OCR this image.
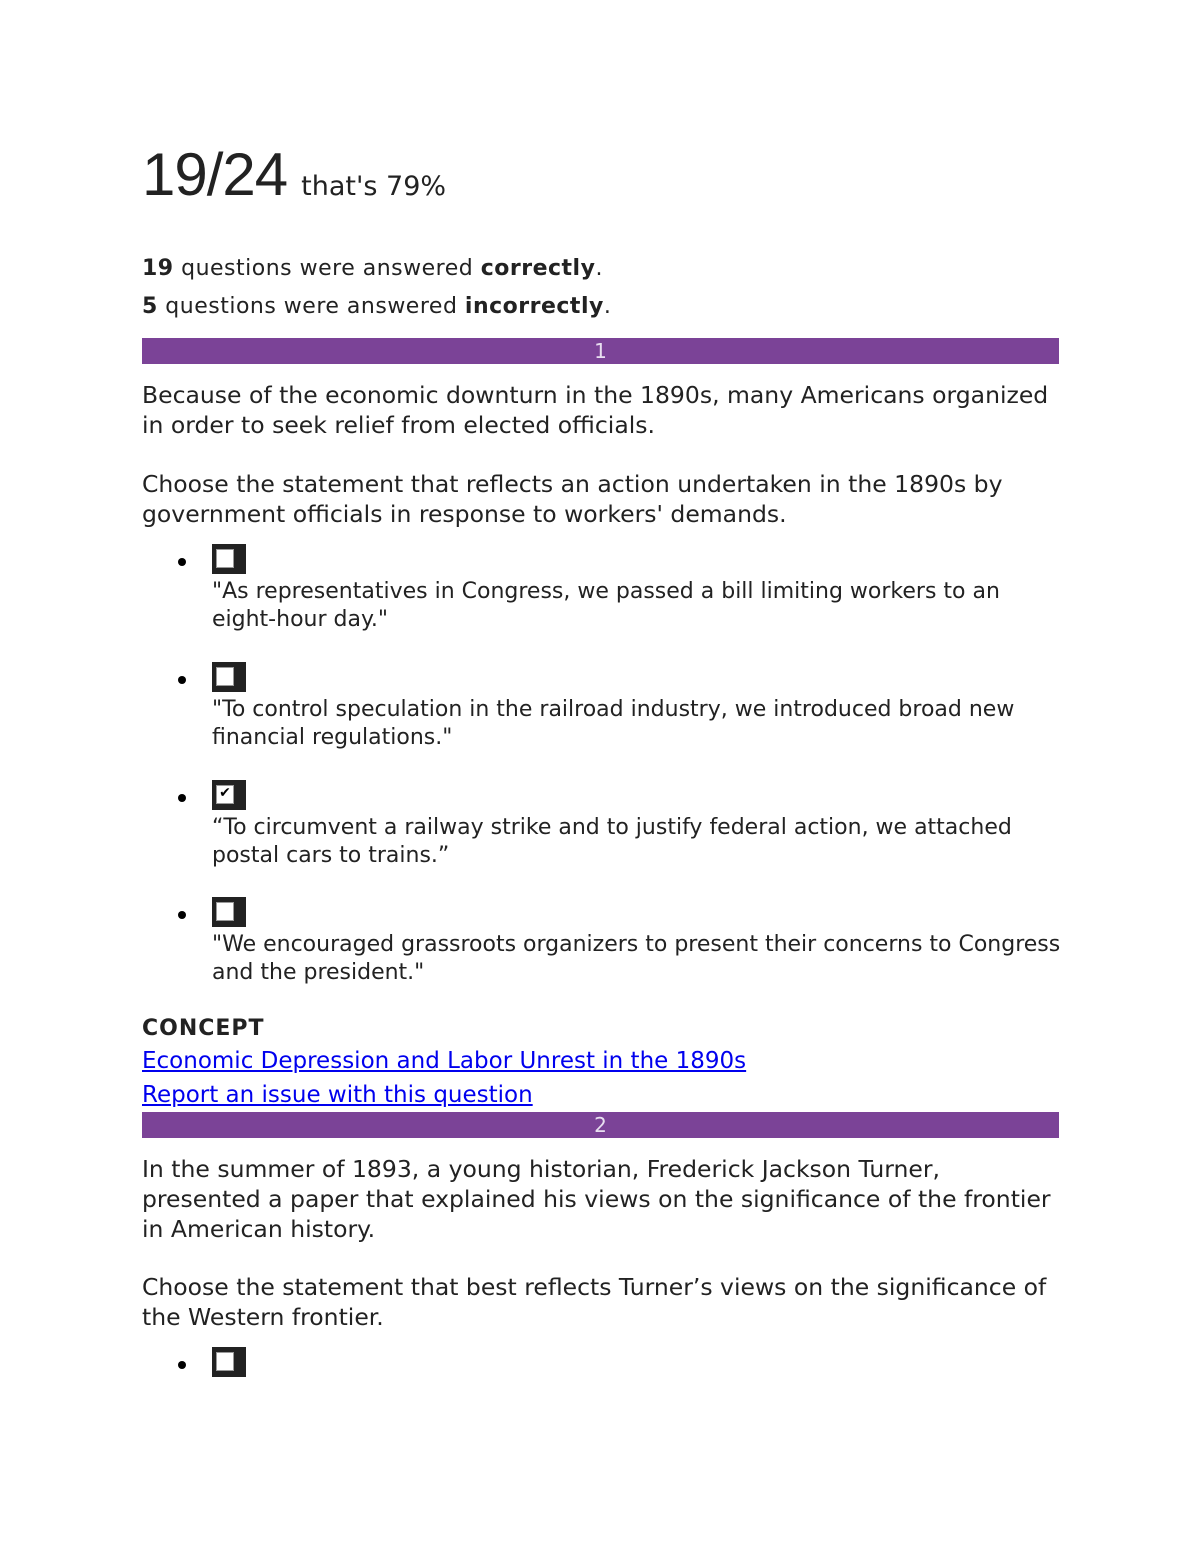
19/24 that's 79%
19 questions were answered correctly.
5 questions were answered incorrectly.
1
Because of the economic downturn in the 1890s, many Americans organized in order to seek relief from elected officials.
Choose the statement that reflects an action undertaken in the 1890s by government officials in response to workers' demands.
"As representatives in Congress, we passed a bill limiting workers to an eight-hour day."
"To control speculation in the railroad industry, we introduced broad new financial regulations."
✔
“To circumvent a railway strike and to justify federal action, we attached postal cars to trains.”
"We encouraged grassroots organizers to present their concerns to Congress and the president."
CONCEPT
Economic Depression and Labor Unrest in the 1890s
Report an issue with this question
2
In the summer of 1893, a young historian, Frederick Jackson Turner, presented a paper that explained his views on the significance of the frontier in American history.
Choose the statement that best reflects Turner’s views on the significance of the Western frontier.
